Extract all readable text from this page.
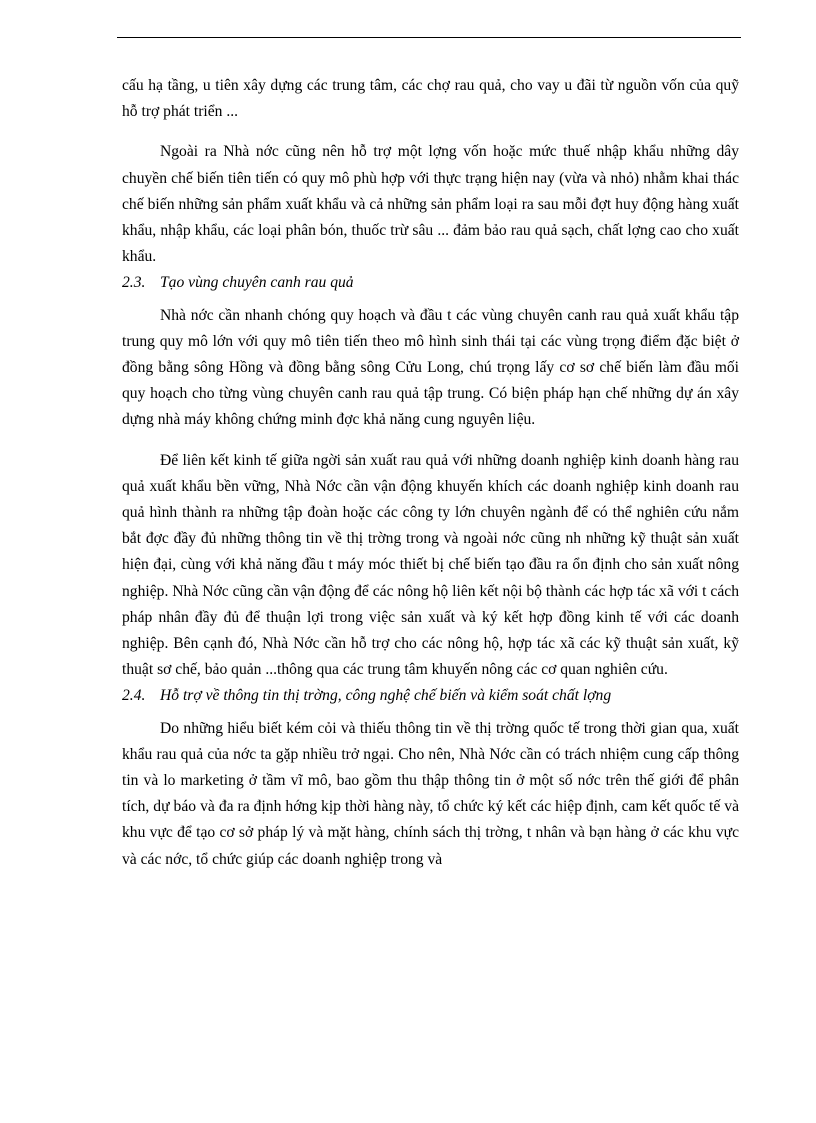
cấu hạ tầng, u tiên xây dựng các trung tâm, các chợ rau quả, cho vay u đãi từ nguồn vốn của quỹ hỗ trợ phát triển ...

Ngoài ra Nhà nớc cũng nên hỗ trợ một lợng vốn hoặc mức thuế nhập khẩu những dây chuyền chế biến tiên tiến có quy mô phù hợp với thực trạng hiện nay (vừa và nhỏ) nhằm khai thác chế biến những sản phẩm xuất khẩu và cả những sản phẩm loại ra sau mỗi đợt huy động hàng xuất khẩu, nhập khẩu, các loại phân bón, thuốc trừ sâu ... đảm bảo rau quả sạch, chất lợng cao cho xuất khẩu.

2.3. Tạo vùng chuyên canh rau quả

Nhà nớc cần nhanh chóng quy hoạch và đầu t các vùng chuyên canh rau quả xuất khẩu tập trung quy mô lớn với quy mô tiên tiến theo mô hình sinh thái tại các vùng trọng điểm đặc biệt ở đồng bằng sông Hồng và đồng bằng sông Cửu Long, chú trọng lấy cơ sơ chế biến làm đầu mối quy hoạch cho từng vùng chuyên canh rau quả tập trung. Có biện pháp hạn chế những dự án xây dựng nhà máy không chứng minh đợc khả năng cung nguyên liệu.

Để liên kết kinh tế giữa ngời sản xuất rau quả với những doanh nghiệp kinh doanh hàng rau quả xuất khẩu bền vững, Nhà Nớc cần vận động khuyến khích các doanh nghiệp kinh doanh rau quả hình thành ra những tập đoàn hoặc các công ty lớn chuyên ngành để có thể nghiên cứu nắm bắt đợc đầy đủ những thông tin về thị trờng trong và ngoài nớc cũng nh những kỹ thuật sản xuất hiện đại, cùng với khả năng đầu t máy móc thiết bị chế biến tạo đầu ra ổn định cho sản xuất nông nghiệp. Nhà Nớc cũng cần vận động để các nông hộ liên kết nội bộ thành các hợp tác xã với t cách pháp nhân đầy đủ để thuận lợi trong việc sản xuất và ký kết hợp đồng kinh tế với các doanh nghiệp. Bên cạnh đó, Nhà Nớc cần hỗ trợ cho các nông hộ, hợp tác xã các kỹ thuật sản xuất, kỹ thuật sơ chế, bảo quản ...thông qua các trung tâm khuyến nông các cơ quan nghiên cứu.

2.4. Hỗ trợ về thông tin thị trờng, công nghệ chế biến và kiểm soát chất lợng

Do những hiểu biết kém cỏi và thiếu thông tin về thị trờng quốc tế trong thời gian qua, xuất khẩu rau quả của nớc ta gặp nhiều trở ngại. Cho nên, Nhà Nớc cần có trách nhiệm cung cấp thông tin và lo marketing ở tầm vĩ mô, bao gồm thu thập thông tin ở một số nớc trên thế giới để phân tích, dự báo và đa ra định hớng kịp thời hàng này, tổ chức ký kết các hiệp định, cam kết quốc tế và khu vực để tạo cơ sở pháp lý và mặt hàng, chính sách thị trờng, t nhân và bạn hàng ở các khu vực và các nớc, tổ chức giúp các doanh nghiệp trong và
